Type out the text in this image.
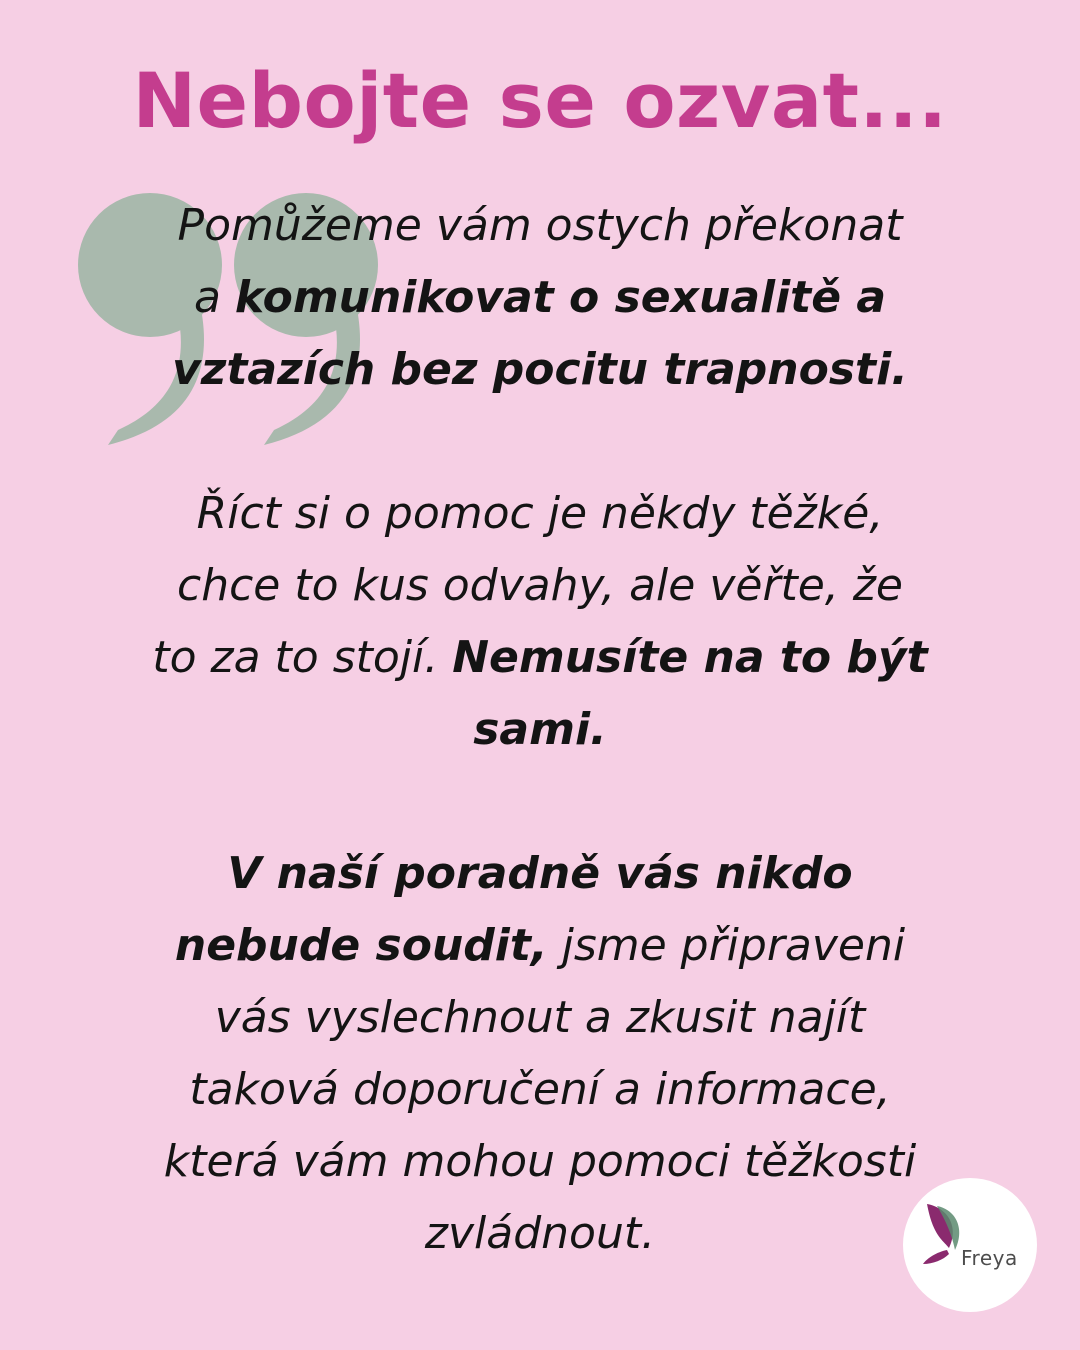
Nebojte se ozvat...

Pomůžeme vám ostych překonat
a komunikovat o sexualitě a
vztazích bez pocitu trapnosti.

Říct si o pomoc je někdy těžké,
chce to kus odvahy, ale věřte, že
to za to stojí. Nemusíte na to být
sami.

V naší poradně vás nikdo
nebude soudit, jsme připraveni
vás vyslechnout a zkusit najít
taková doporučení a informace,
která vám mohou pomoci těžkosti
zvládnout.	Freya
